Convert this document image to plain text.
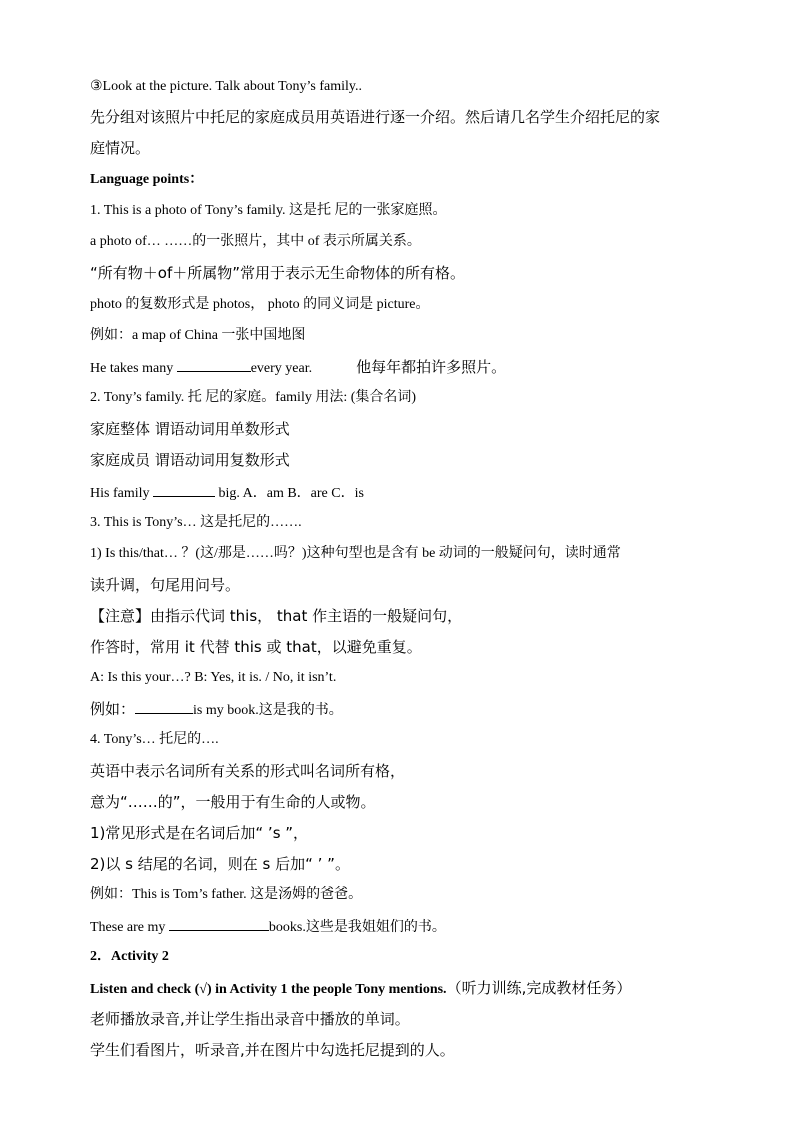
③Look at the picture. Talk about Tony’s family..
先分组对该照片中托尼的家庭成员用英语进行逐一介绍。然后请几名学生介绍托尼的家
庭情况。
Language points：
1. This is a photo of Tony’s family. 这是托 尼的一张家庭照。
a photo of… ……的一张照片，其中 of 表示所属关系。
“所有物＋of＋所属物”常用于表示无生命物体的所有格。
photo 的复数形式是 photos， photo 的同义词是 picture。
例如：a map of China 一张中国地图
He takes many	every year.	他每年都拍许多照片。
2. Tony’s family. 托 尼的家庭。family 用法: (集合名词)
家庭整体 谓语动词用单数形式
家庭成员 谓语动词用复数形式
His family	big. A．am B．are C．is
3. This is Tony’s… 这是托尼的…….
1) Is this/that… ？(这/那是……吗？)这种句型也是含有 be 动词的一般疑问句，读时通常
读升调，句尾用问号。
【注意】由指示代词 this， that 作主语的一般疑问句，
作答时，常用 it 代替 this 或 that，以避免重复。
A: Is this your…? B: Yes, it is. / No, it isn’t.
例如：	is my book.这是我的书。
4. Tony’s… 托尼的….
英语中表示名词所有关系的形式叫名词所有格，
意为“……的”，一般用于有生命的人或物。
1)常见形式是在名词后加“ ’s ”，
2)以 s 结尾的名词，则在 s 后加“ ’ ”。
例如：This is Tom’s father. 这是汤姆的爸爸。
These are my	books.这些是我姐姐们的书。
2．Activity 2
Listen and check (√) in Activity 1 the people Tony mentions.（听力训练,完成教材任务）
老师播放录音,并让学生指出录音中播放的单词。
学生们看图片，听录音,并在图片中勾选托尼提到的人。
